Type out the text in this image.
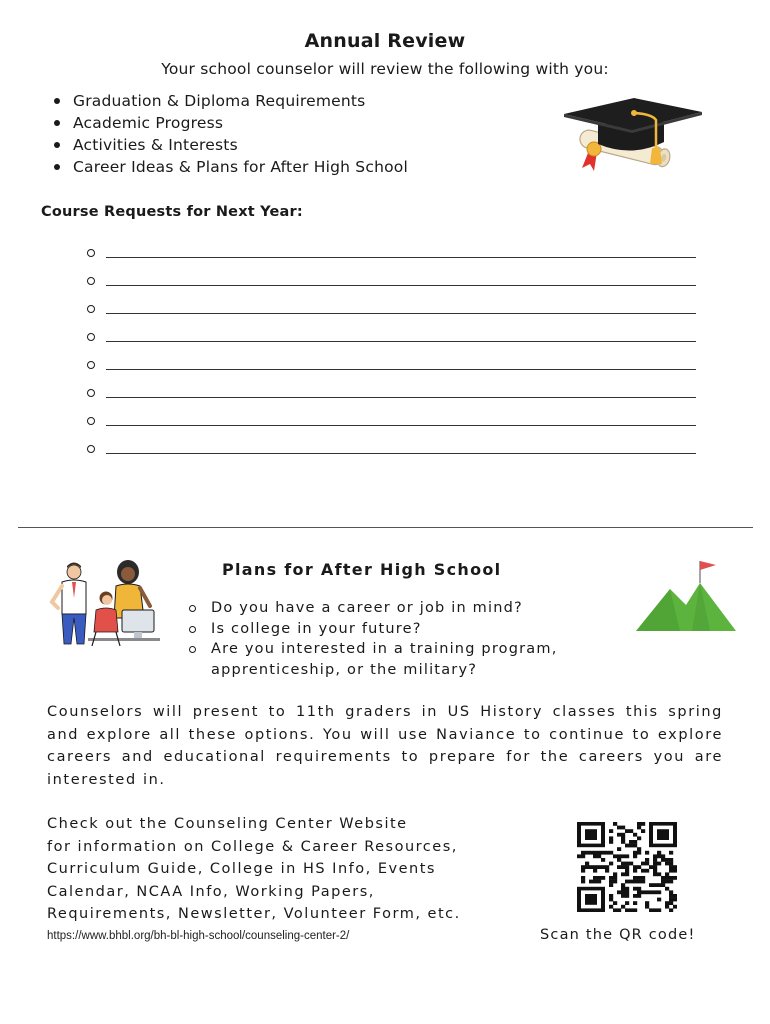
Annual Review
Your school counselor will review the following with you:
Graduation & Diploma Requirements
Academic Progress
Activities & Interests
Career Ideas & Plans for After High School
Course Requests for Next Year:
Plans for After High School
Do you have a career or job in mind?
Is college in your future?
Are you interested in a training program, apprenticeship, or the military?
Counselors will present to 11th graders in US History classes this spring and explore all these options. You will use Naviance to continue to explore careers and educational requirements to prepare for the careers you are interested in.
Check out the Counseling Center Website
for information on College & Career Resources,
Curriculum Guide, College in HS Info, Events
Calendar, NCAA Info, Working Papers,
Requirements, Newsletter, Volunteer Form, etc.
https://www.bhbl.org/bh-bl-high-school/counseling-center-2/	Scan the QR code!
